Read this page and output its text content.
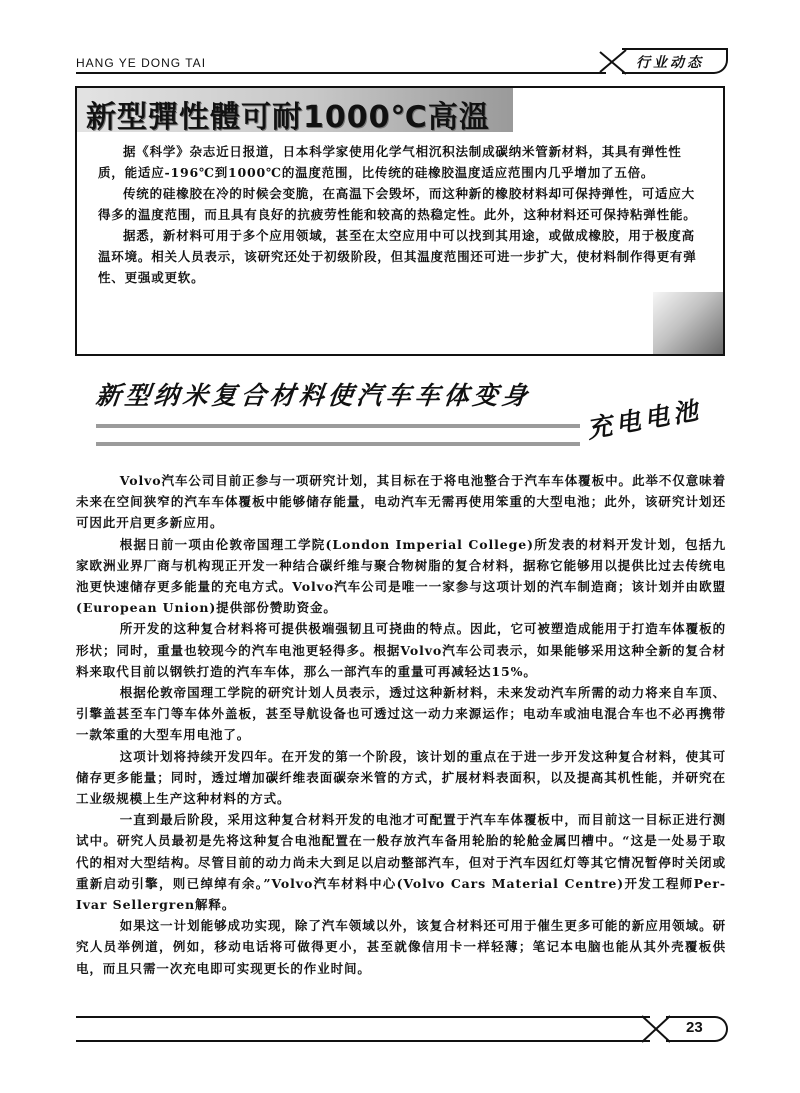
HANG YE DONG TAI	行业动态
新型彈性體可耐1000℃高溫

据《科学》杂志近日报道，日本科学家使用化学气相沉积法制成碳纳米管新材料，其具有弹性性质，能适应-196℃到1000℃的温度范围，比传统的硅橡胶温度适应范围内几乎增加了五倍。

传统的硅橡胶在冷的时候会变脆，在高温下会毁坏，而这种新的橡胶材料却可保持弹性，可适应大得多的温度范围，而且具有良好的抗疲劳性能和较高的热稳定性。此外，这种材料还可保持粘弹性能。

据悉，新材料可用于多个应用领域，甚至在太空应用中可以找到其用途，或做成橡胶，用于极度高温环境。相关人员表示，该研究还处于初级阶段，但其温度范围还可进一步扩大，使材料制作得更有弹性、更强或更软。

新型纳米复合材料使汽车车体变身 充电电池

Volvo汽车公司目前正参与一项研究计划，其目标在于将电池整合于汽车车体覆板中。此举不仅意味着未来在空间狭窄的汽车车体覆板中能够储存能量，电动汽车无需再使用笨重的大型电池；此外，该研究计划还可因此开启更多新应用。

根据日前一项由伦敦帝国理工学院(London Imperial College)所发表的材料开发计划，包括九家欧洲业界厂商与机构现正开发一种结合碳纤维与聚合物树脂的复合材料，据称它能够用以提供比过去传统电池更快速储存更多能量的充电方式。Volvo汽车公司是唯一一家参与这项计划的汽车制造商；该计划并由欧盟(European Union)提供部份赞助资金。

所开发的这种复合材料将可提供极端强韧且可挠曲的特点。因此，它可被塑造成能用于打造车体覆板的形状；同时，重量也较现今的汽车电池更轻得多。根据Volvo汽车公司表示，如果能够采用这种全新的复合材料来取代目前以钢铁打造的汽车车体，那么一部汽车的重量可再减轻达15%。

根据伦敦帝国理工学院的研究计划人员表示，透过这种新材料，未来发动汽车所需的动力将来自车顶、引擎盖甚至车门等车体外盖板，甚至导航设备也可透过这一动力来源运作；电动车或油电混合车也不必再携带一款笨重的大型车用电池了。

这项计划将持续开发四年。在开发的第一个阶段，该计划的重点在于进一步开发这种复合材料，使其可储存更多能量；同时，透过增加碳纤维表面碳奈米管的方式，扩展材料表面积，以及提高其机性能，并研究在工业级规模上生产这种材料的方式。

一直到最后阶段，采用这种复合材料开发的电池才可配置于汽车车体覆板中，而目前这一目标正进行测试中。研究人员最初是先将这种复合电池配置在一般存放汽车备用轮胎的轮舱金属凹槽中。“这是一处易于取代的相对大型结构。尽管目前的动力尚未大到足以启动整部汽车，但对于汽车因红灯等其它情况暂停时关闭或重新启动引擎，则已绰绰有余。”Volvo汽车材料中心(Volvo Cars Material Centre)开发工程师Per-Ivar Sellergren解释。

如果这一计划能够成功实现，除了汽车领域以外，该复合材料还可用于催生更多可能的新应用领域。研究人员举例道，例如，移动电话将可做得更小，甚至就像信用卡一样轻薄；笔记本电脑也能从其外壳覆板供电，而且只需一次充电即可实现更长的作业时间。

23
